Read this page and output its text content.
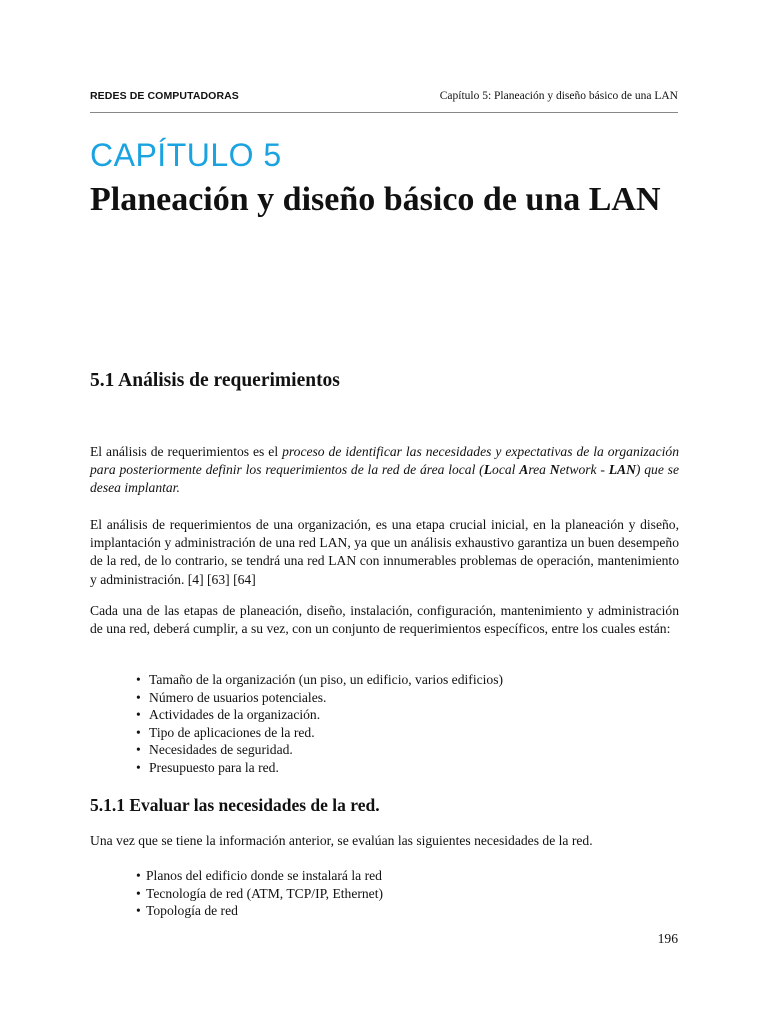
REDES DE COMPUTADORAS	Capítulo 5: Planeación y diseño básico de una LAN
CAPÍTULO 5
Planeación y diseño básico de una LAN
5.1 Análisis de requerimientos
El análisis de requerimientos es el proceso de identificar las necesidades y expectativas de la organización para posteriormente definir los requerimientos de la red de área local (Local Area Network - LAN) que se desea implantar.
El análisis de requerimientos de una organización, es una etapa crucial inicial, en la planeación y diseño, implantación y administración de una red LAN, ya que un análisis exhaustivo garantiza un buen desempeño de la red, de lo contrario, se tendrá una red LAN con innumerables problemas de operación, mantenimiento y administración. [4] [63] [64]
Cada una de las etapas de planeación, diseño, instalación, configuración, mantenimiento y administración de una red, deberá cumplir, a su vez, con un conjunto de requerimientos específicos, entre los cuales están:
• Tamaño de la organización (un piso, un edificio, varios edificios)
• Número de usuarios potenciales.
• Actividades de la organización.
• Tipo de aplicaciones de la red.
• Necesidades de seguridad.
• Presupuesto para la red.
5.1.1 Evaluar las necesidades de la red.
Una vez que se tiene la información anterior, se evalúan las siguientes necesidades de la red.
• Planos del edificio donde se instalará la red
• Tecnología de red (ATM, TCP/IP, Ethernet)
• Topología de red
196
